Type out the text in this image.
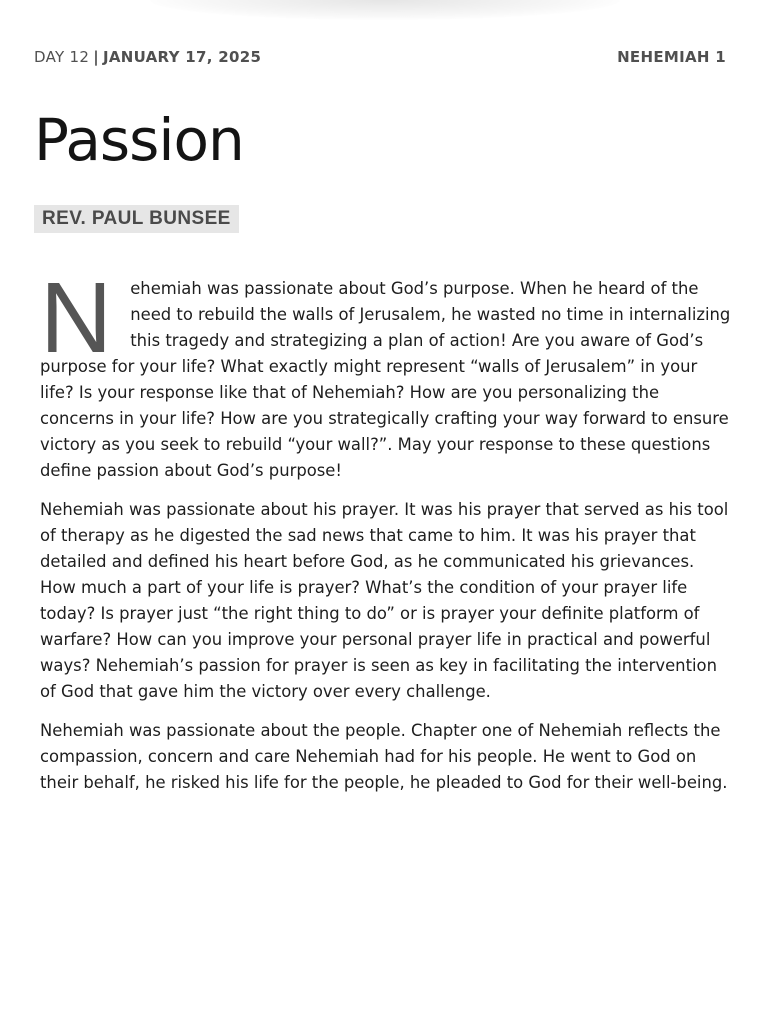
DAY 12 | JANUARY 17, 2025	NEHEMIAH 1
Passion
REV. PAUL BUNSEE

N ehemiah was passionate about God’s purpose. When he heard of the need to rebuild the walls of Jerusalem, he wasted no time in internalizing this tragedy and strategizing a plan of action! Are you aware of God’s purpose for your life? What exactly might represent “walls of Jerusalem” in your life? Is your response like that of Nehemiah? How are you personalizing the concerns in your life? How are you strategically crafting your way forward to ensure victory as you seek to rebuild “your wall?”. May your response to these questions define passion about God’s purpose!

Nehemiah was passionate about his prayer. It was his prayer that served as his tool of therapy as he digested the sad news that came to him. It was his prayer that detailed and defined his heart before God, as he communicated his grievances. How much a part of your life is prayer? What’s the condition of your prayer life today? Is prayer just “the right thing to do” or is prayer your definite platform of warfare? How can you improve your personal prayer life in practical and powerful ways? Nehemiah’s passion for prayer is seen as key in facilitating the intervention of God that gave him the victory over every challenge.

Nehemiah was passionate about the people. Chapter one of Nehemiah reflects the compassion, concern and care Nehemiah had for his people. He went to God on their behalf, he risked his life for the people, he pleaded to God for their well-being.
